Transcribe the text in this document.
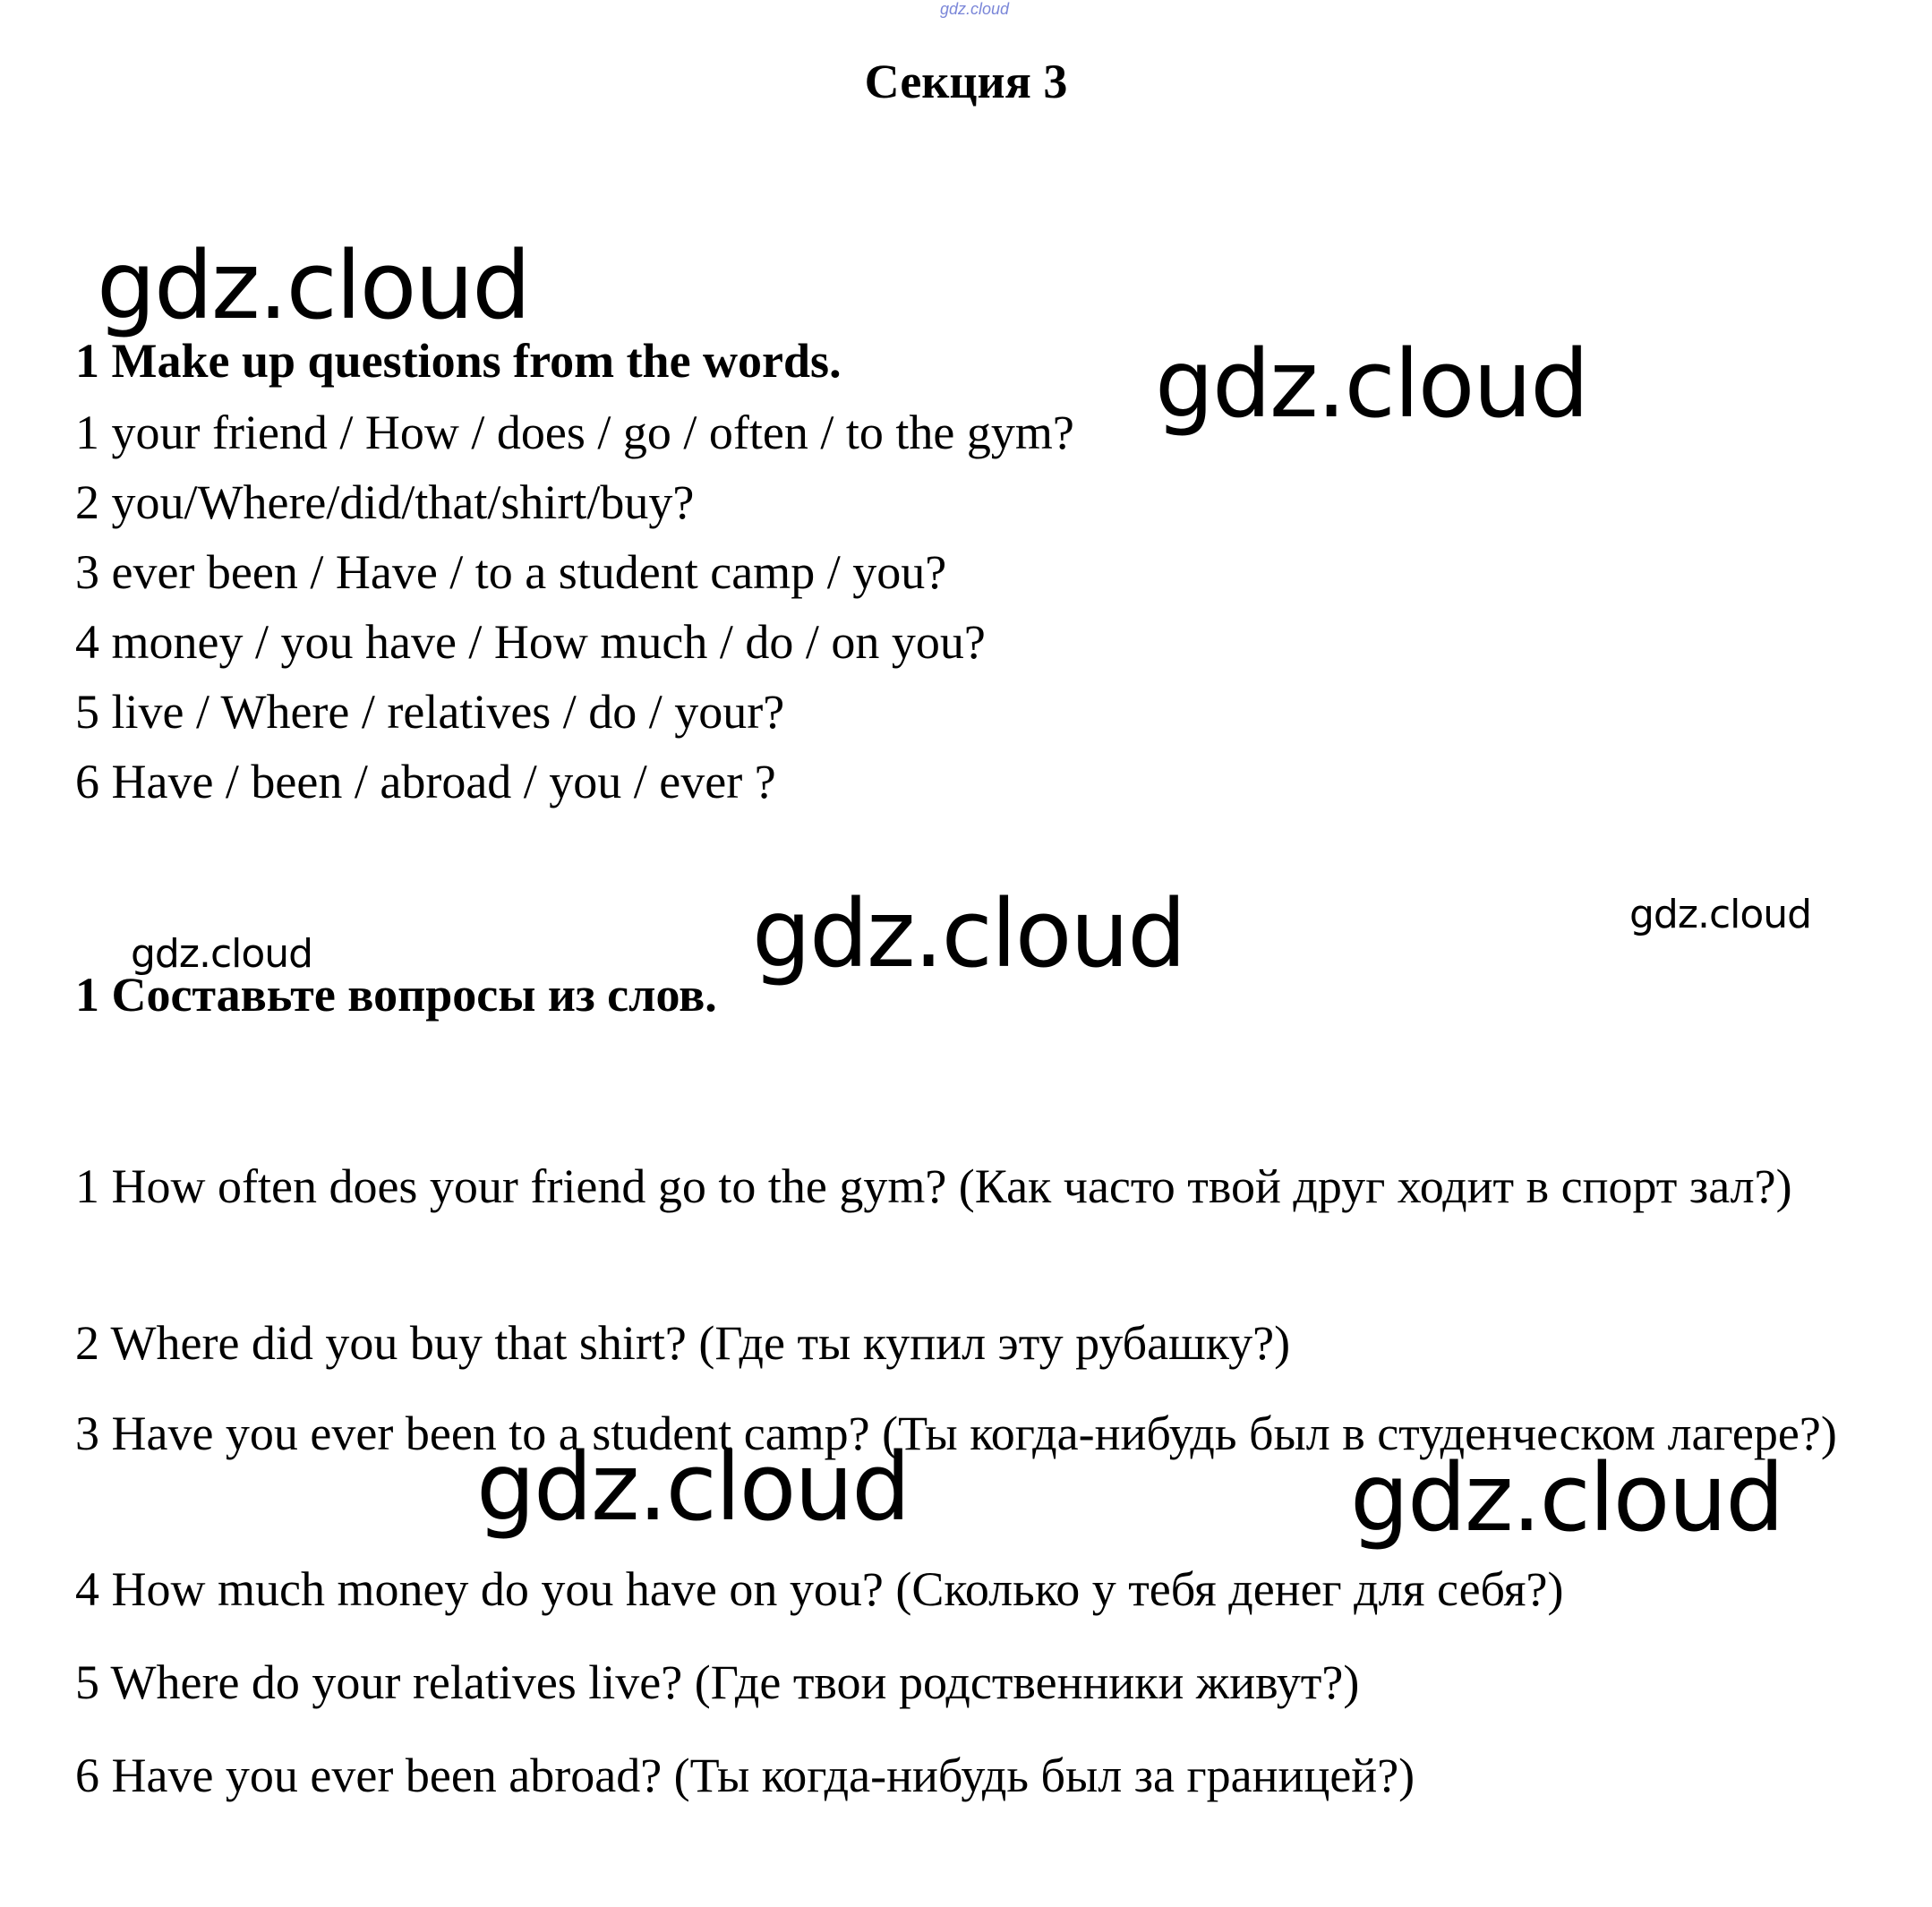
gdz.cloud
Секция 3
gdz.cloud
1 Make up questions from the words.	gdz.cloud
1 your friend / How / does / go / often / to the gym?
2 you/Where/did/that/shirt/buy?
3 ever been / Have / to a student camp / you?
4 money / you have / How much / do / on you?
5 live / Where / relatives / do / your?
6 Have / been / abroad / you / ever ?
gdz.cloud
gdz.cloud
gdz.cloud
1 Составьте вопросы из слов.
1 How often does your friend go to the gym? (Как часто твой друг ходит в спорт зал?)
2 Where did you buy that shirt? (Где ты купил эту рубашку?)
3 Have you ever been to a student camp? (Ты когда-нибудь был в студенческом лагере?)
gdz.cloud	gdz.cloud
4 How much money do you have on you? (Сколько у тебя денег для себя?)
5 Where do your relatives live? (Где твои родственники живут?)
6 Have you ever been abroad? (Ты когда-нибудь был за границей?)
